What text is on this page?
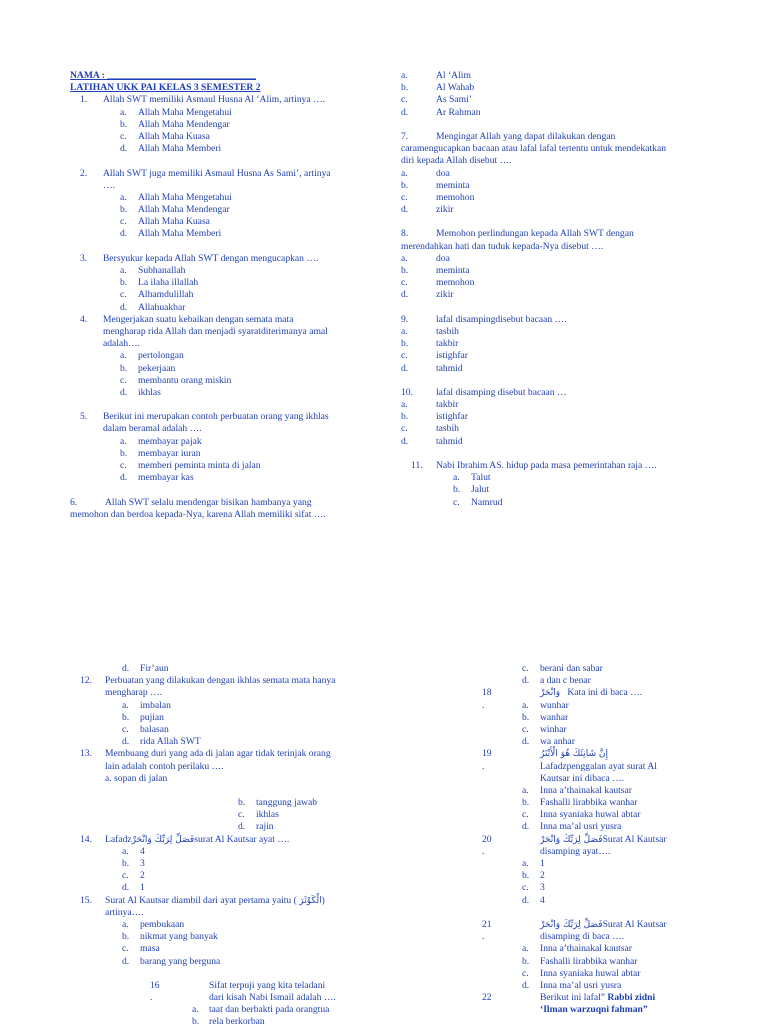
NAMA : _______________________________
LATIHAN UKK PAI KELAS 3 SEMESTER 2
1. Allah SWT memiliki Asmaul Husna Al ‘Alim, artinya ….
a. Allah Maha Mengetahui
b. Allah Maha Mendengar
c. Allah Maha Kuasa
d. Allah Maha Memberi
2. Allah SWT juga memiliki Asmaul Husna As Sami’, artinya
….
a. Allah Maha Mengetahui
b. Allah Maha Mendengar
c. Allah Maha Kuasa
d. Allah Maha Memberi
3. Bersyukur kepada Allah SWT dengan mengucapkan ….
a. Subhanallah
b. La ilaha illallah
c. Alhamdulillah
d. Allahuakbar
4. Mengerjakan suatu kebaikan dengan semata mata
mengharap rida Allah dan menjadi syaratditerimanya amal
adalah….
a. pertolongan
b. pekerjaan
c. membantu orang miskin
d. ikhlas
5. Berikut ini merupakan contoh perbuatan orang yang ikhlas
dalam beramal adalah ….
a. membayar pajak
b. membayar iuran
c. memberi peminta minta di jalan
d. membayar kas
6.	Allah SWT selalu mendengar bisikan hambanya yang
memohon dan berdoa kepada-Nya, karena Allah memiliki sifat ….
a.	Al ‘Alim
b.	Al Wahab
c.	As Sami’
d.	Ar Rahman
7.	Mengingat Allah yang dapat dilakukan dengan
caramengucapkan bacaan atau lafal lafal tertentu untuk mendekatkan
diri kepada Allah disebut ….
a.	doa
b.	meminta
c.	memohon
d.	zikir
8.	Memohon perlindungan kepada Allah SWT dengan
merendahkan hati dan tuduk kepada-Nya disebut ….
a.	doa
b.	meminta
c.	memohon
d.	zikir
9.	lafal disampingdisebut bacaan ….
a.	tasbih
b.	takbir
c.	istighfar
d.	tahmid
10. lafal disamping disebut bacaan …
a.	takbir
b.	istighfar
c.	tasbih
d.	tahmid
11. Nabi Ibrahim AS. hidup pada masa pemerintahan raja ….
a. Talut
b. Jalut
c. Namrud
d. Fir’aun
12. Perbuatan yang dilakukan dengan ikhlas semata mata hanya
mengharap ….
a. imbalan
b. pujian
c. balasan
d. rida Allah SWT
13. Membuang duri yang ada di jalan agar tidak terinjak orang
lain adalah contoh perilaku ….
a. sopan di jalan
b. tanggung jawab
c. ikhlas
d. rajin
14. Lafadzفَصَلِّ لِرَبِّكَ وَانْحَرْsurat Al Kautsar ayat ….
a. 4
b. 3
c. 2
d. 1
15. Surat Al Kautsar diambil dari ayat pertama yaitu ( الْكَوْثَرَ)
artinya….
a. pembukaan
b. nikmat yang banyak
c. masa
d. barang yang berguna
16	Sifat terpuji yang kita teladani
.	dari kisah Nabi Ismail adalah ….
a. taat dan berbakti pada orangtua
b. rela berkorban
c. berani dan sabar
d. a dan c benar
18	وَانْحَرْ Kata ini di baca ….
.	a. wunhar
b. wanhar
c. winhar
d. wa anhar
19	إِنَّ شَانِئَكَ هُوَ الْأَبْتَرُ
.	Lafadzpenggalan ayat surat Al
Kautsar ini dibaca ….
a. Inna a’thainakal kautsar
b. Fashalli lirabbika wanhar
c. Inna syaniaka huwal abtar
d. Inna ma’al usri yusra
20	فَصَلِّ لِرَبِّكَ وَانْحَرْSurat Al Kautsar
.	disamping ayat….
a. 1
b. 2
c. 3
d. 4
21	فَصَلِّ لِرَبِّكَ وَانْحَرْSurat Al Kautsar
.	disamping di baca ….
a. Inna a’thainakal kautsar
b. Fashalli lirabbika wanhar
c. Inna syaniaka huwal abtar
d. Inna ma’al usri yusra
22	Berikut ini lafal” Rabbi zidni
‘Ilman warzuqni fahman”
